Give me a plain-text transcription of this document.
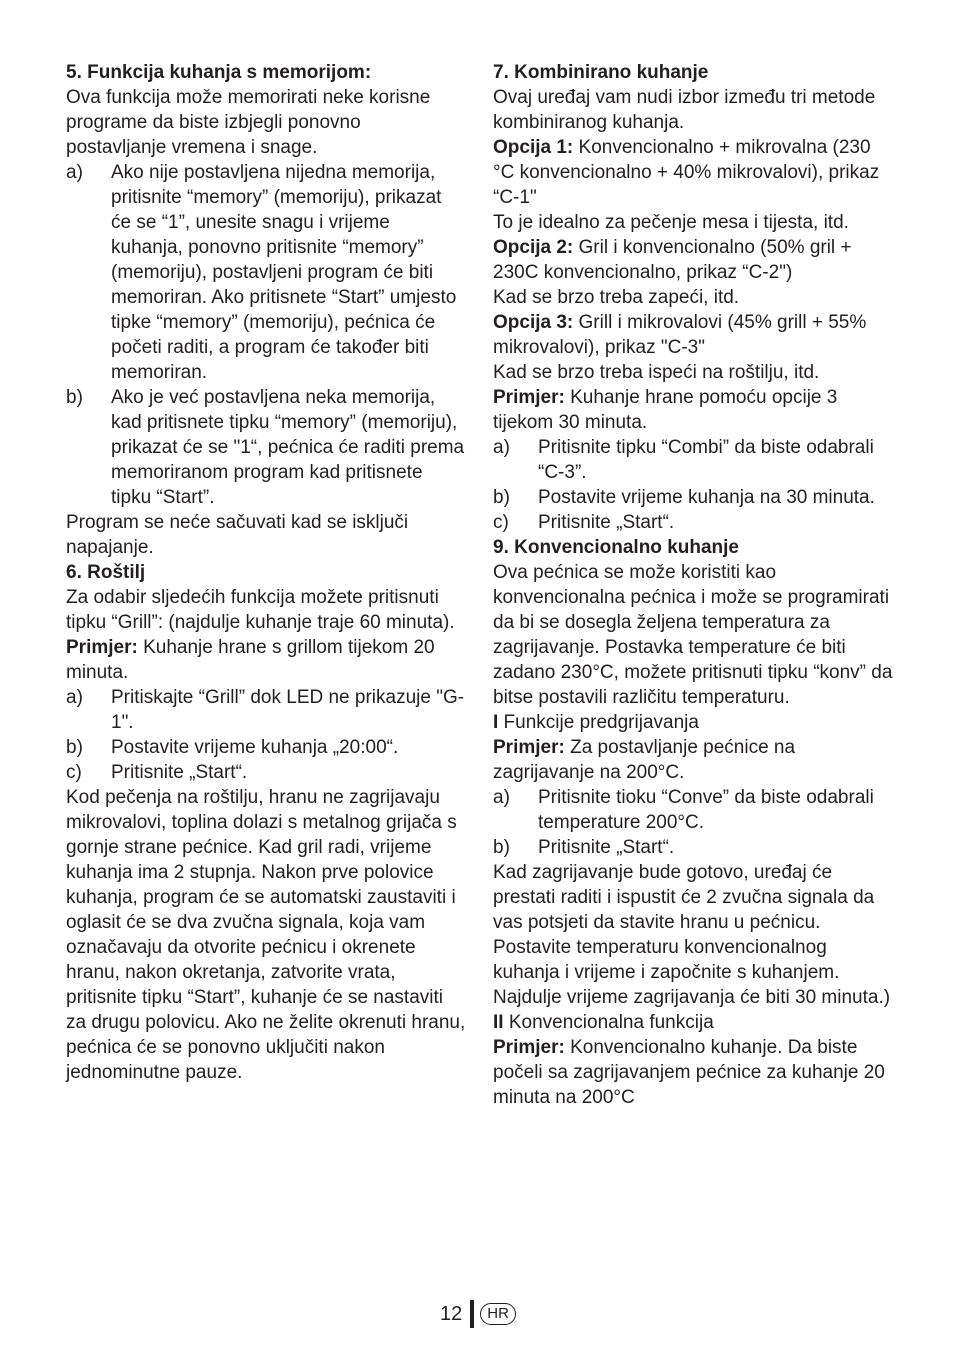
5. Funkcija kuhanja s memorijom:

Ova funkcija može memorirati neke korisne programe da biste izbjegli ponovno postavljanje vremena i snage.

a)	Ako nije postavljena nijedna memorija, pritisnite “memory” (memoriju), prikazat će se “1”, unesite snagu i vrijeme kuhanja, ponovno pritisnite “memory” (memoriju), postavljeni program će biti memoriran. Ako pritisnete “Start” umjesto tipke “memory” (memoriju), pećnica će početi raditi, a program će također biti memoriran.
b)	Ako je već postavljena neka memorija, kad pritisnete tipku “memory” (memoriju), prikazat će se "1“, pećnica će raditi prema memoriranom program kad pritisnete tipku “Start”.

Program se neće sačuvati kad se isključi napajanje.

6. Roštilj

Za odabir sljedećih funkcija možete pritisnuti tipku “Grill”: (najdulje kuhanje traje 60 minuta).

Primjer: Kuhanje hrane s grillom tijekom 20 minuta.

a)	Pritiskajte “Grill” dok LED ne prikazuje "G-1".
b)	Postavite vrijeme kuhanja „20:00“.
c)	Pritisnite „Start“.

Kod pečenja na roštilju, hranu ne zagrijavaju mikrovalovi, toplina dolazi s metalnog grijača s gornje strane pećnice. Kad gril radi, vrijeme kuhanja ima 2 stupnja. Nakon prve polovice kuhanja, program će se automatski zaustaviti i oglasit će se dva zvučna signala, koja vam označavaju da otvorite pećnicu i okrenete hranu, nakon okretanja, zatvorite vrata, pritisnite tipku “Start”, kuhanje će se nastaviti za drugu polovicu. Ako ne želite okrenuti hranu, pećnica će se ponovno uključiti nakon jednominutne pauze.

7. Kombinirano kuhanje

Ovaj uređaj vam nudi izbor između tri metode kombiniranog kuhanja.

Opcija 1: Konvencionalno + mikrovalna (230 °C konvencionalno + 40% mikrovalovi), prikaz “C-1"

To je idealno za pečenje mesa i tijesta, itd.

Opcija 2: Gril i konvencionalno (50% gril + 230C konvencionalno, prikaz “C-2")

Kad se brzo treba zapeći, itd.

Opcija 3: Grill i mikrovalovi (45% grill + 55% mikrovalovi), prikaz "C-3"

Kad se brzo treba ispeći na roštilju, itd.

Primjer: Kuhanje hrane pomoću opcije 3 tijekom 30 minuta.

a)	Pritisnite tipku “Combi” da biste odabrali “C-3”.
b)	Postavite vrijeme kuhanja na 30 minuta.
c)	Pritisnite „Start“.

9. Konvencionalno kuhanje

Ova pećnica se može koristiti kao konvencionalna pećnica i može se programirati da bi se dosegla željena temperatura za zagrijavanje. Postavka temperature će biti zadano 230°C, možete pritisnuti tipku “konv” da bitse postavili različitu temperaturu.

I Funkcije predgrijavanja

Primjer: Za postavljanje pećnice na zagrijavanje na 200°C.

a)	Pritisnite tioku “Conve” da biste odabrali temperature 200°C.
b)	Pritisnite „Start“.

Kad zagrijavanje bude gotovo, uređaj će prestati raditi i ispustit će 2 zvučna signala da vas potsjeti da stavite hranu u pećnicu. Postavite temperaturu konvencionalnog kuhanja i vrijeme i započnite s kuhanjem. Najdulje vrijeme zagrijavanja će biti 30 minuta.)

II Konvencionalna funkcija

Primjer: Konvencionalno kuhanje. Da biste počeli sa zagrijavanjem pećnice za kuhanje 20 minuta na 200°C

12	HR
